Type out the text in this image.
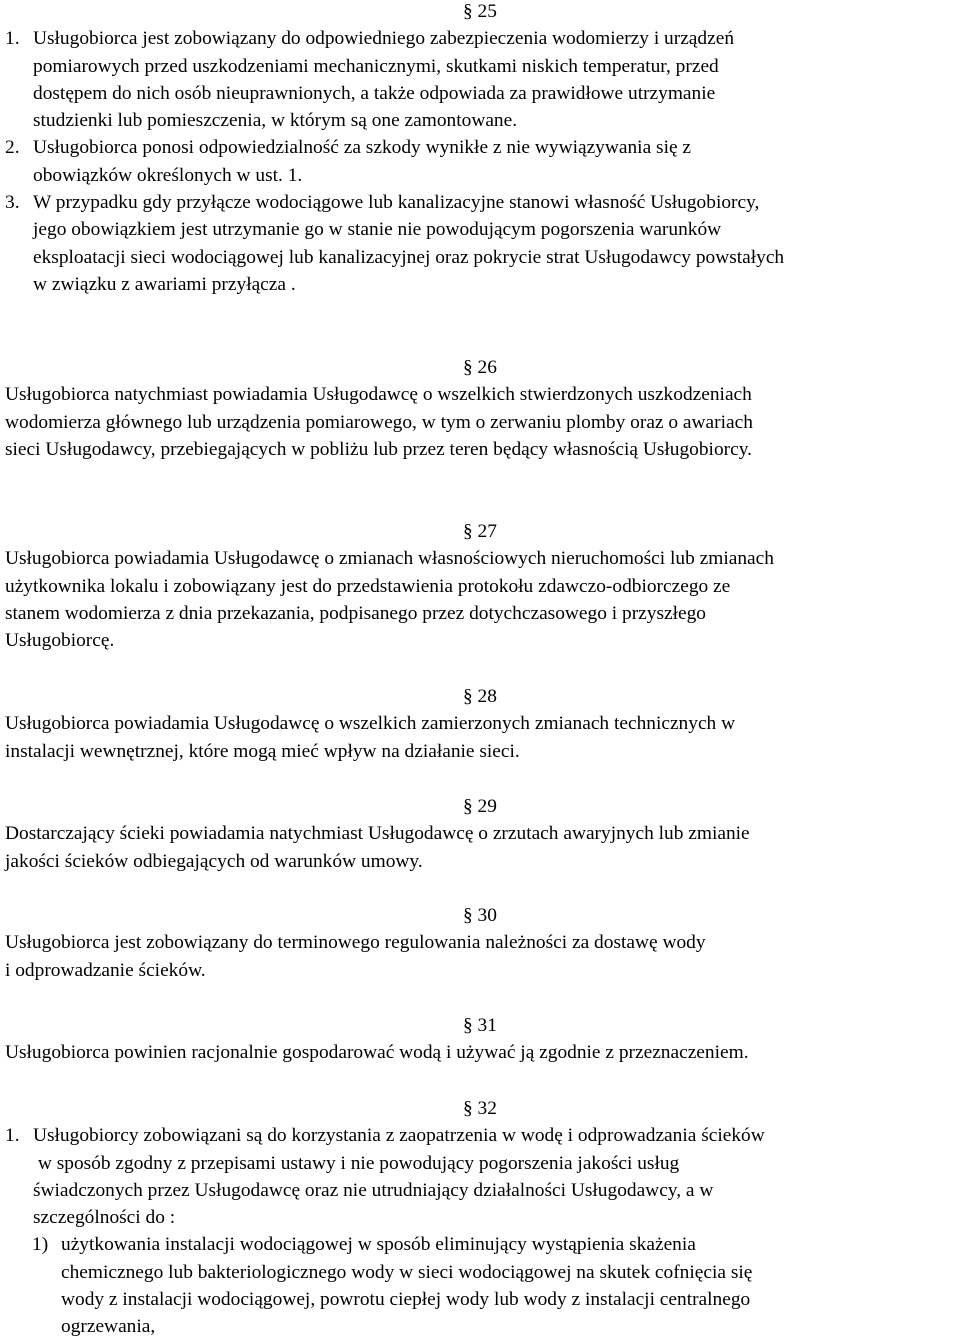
§ 25

1. Usługobiorca jest zobowiązany do odpowiedniego zabezpieczenia wodomierzy i urządzeń
pomiarowych przed uszkodzeniami mechanicznymi, skutkami niskich temperatur, przed
dostępem do nich osób nieuprawnionych, a także odpowiada za prawidłowe utrzymanie
studzienki lub pomieszczenia, w którym są one zamontowane.
2. Usługobiorca ponosi odpowiedzialność za szkody wynikłe z nie wywiązywania się z
obowiązków określonych w ust. 1.
3. W przypadku gdy przyłącze wodociągowe lub kanalizacyjne stanowi własność Usługobiorcy,
jego obowiązkiem jest utrzymanie go w stanie nie powodującym pogorszenia warunków
eksploatacji sieci wodociągowej lub kanalizacyjnej oraz pokrycie strat Usługodawcy powstałych
w związku z awariami przyłącza .

§ 26

Usługobiorca natychmiast powiadamia Usługodawcę o wszelkich stwierdzonych uszkodzeniach

wodomierza głównego lub urządzenia pomiarowego, w tym o zerwaniu plomby oraz o awariach

sieci Usługodawcy, przebiegających w pobliżu lub przez teren będący własnością Usługobiorcy.

§ 27

Usługobiorca powiadamia Usługodawcę o zmianach własnościowych nieruchomości lub zmianach

użytkownika lokalu i zobowiązany jest do przedstawienia protokołu zdawczo-odbiorczego ze

stanem wodomierza z dnia przekazania, podpisanego przez dotychczasowego i przyszłego

Usługobiorcę.

§ 28

Usługobiorca powiadamia Usługodawcę o wszelkich zamierzonych zmianach technicznych w

instalacji wewnętrznej, które mogą mieć wpływ na działanie sieci.

§ 29

Dostarczający ścieki powiadamia natychmiast Usługodawcę o zrzutach awaryjnych lub zmianie

jakości ścieków odbiegających od warunków umowy.

§ 30

Usługobiorca jest zobowiązany do terminowego regulowania należności za dostawę wody

i odprowadzanie ścieków.

§ 31

Usługobiorca powinien racjonalnie gospodarować wodą i używać ją zgodnie z przeznaczeniem.

§ 32

1. Usługobiorcy zobowiązani są do korzystania z zaopatrzenia w wodę i odprowadzania ścieków
w sposób zgodny z przepisami ustawy i nie powodujący pogorszenia jakości usług
świadczonych przez Usługodawcę oraz nie utrudniający działalności Usługodawcy, a w
szczególności do :
1) użytkowania instalacji wodociągowej w sposób eliminujący wystąpienia skażenia
chemicznego lub bakteriologicznego wody w sieci wodociągowej na skutek cofnięcia się
wody z instalacji wodociągowej, powrotu ciepłej wody lub wody z instalacji centralnego
ogrzewania,
